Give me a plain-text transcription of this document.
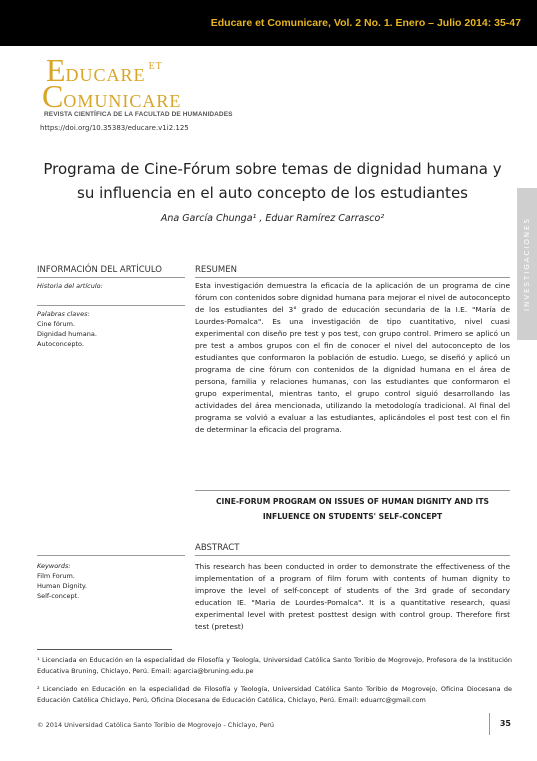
Educare et Comunicare, Vol. 2 No. 1. Enero – Julio 2014: 35-47
EDUCARE $^{ET}$
COMUNICARE
REVISTA CIENTÍFICA DE LA FACULTAD DE HUMANIDADES
https://doi.org/10.35383/educare.v1i2.125
Programa de Cine-Fórum sobre temas de dignidad humana y su influencia en el auto concepto de los estudiantes
Ana García Chunga¹ , Eduar Ramírez Carrasco²	INVESTIGACIONES
INFORMACIÓN DEL ARTÍCULO	RESUMEN
Historia del artículo:
Palabras claves:
Cine fórum.
Dignidad humana.
Autoconcepto.
Esta investigación demuestra la eficacia de la aplicación de un programa de cine fórum con contenidos sobre dignidad humana para mejorar el nivel de autoconcepto de los estudiantes del 3° grado de educación secundaria de la I.E. "María de Lourdes-Pomalca". Es una investigación de tipo cuantitativo, nivel cuasi experimental con diseño pre test y pos test, con grupo control. Primero se aplicó un pre test a ambos grupos con el fin de conocer el nivel del autoconcepto de los estudiantes que conformaron la población de estudio. Luego, se diseñó y aplicó un programa de cine fórum con contenidos de la dignidad humana en el área de persona, familia y relaciones humanas, con las estudiantes que conformaron el grupo experimental, mientras tanto, el grupo control siguió desarrollando las actividades del área mencionada, utilizando la metodología tradicional. Al final del programa se volvió a evaluar a las estudiantes, aplicándoles el post test con el fin de determinar la eficacia del programa.
CINE-FORUM PROGRAM ON ISSUES OF HUMAN DIGNITY AND ITS INFLUENCE ON STUDENTS' SELF-CONCEPT
ABSTRACT
Keywords:
Film Forum.
Human Dignity.
Self-concept.
This research has been conducted in order to demonstrate the effectiveness of the implementation of a program of film forum with contents of human dignity to improve the level of self-concept of students of the 3rd grade of secondary education IE. "Maria de Lourdes-Pomalca". It is a quantitative research, quasi experimental level with pretest posttest design with control group. Therefore first test (pretest)
¹ Licenciada en Educación en la especialidad de Filosofía y Teología, Universidad Católica Santo Toribio de Mogrovejo, Profesora de la Institución Educativa Bruning, Chiclayo, Perú. Email: agarcia@bruning.edu.pe
² Licenciado en Educación en la especialidad de Filosofía y Teología, Universidad Católica Santo Toribio de Mogrovejo, Oficina Diocesana de Educación Católica Chiclayo, Perú, Oficina Diocesana de Educación Católica, Chiclayo, Perú. Email: eduarrc@gmail.com
© 2014 Universidad Católica Santo Toribio de Mogrovejo - Chiclayo, Perú	35
